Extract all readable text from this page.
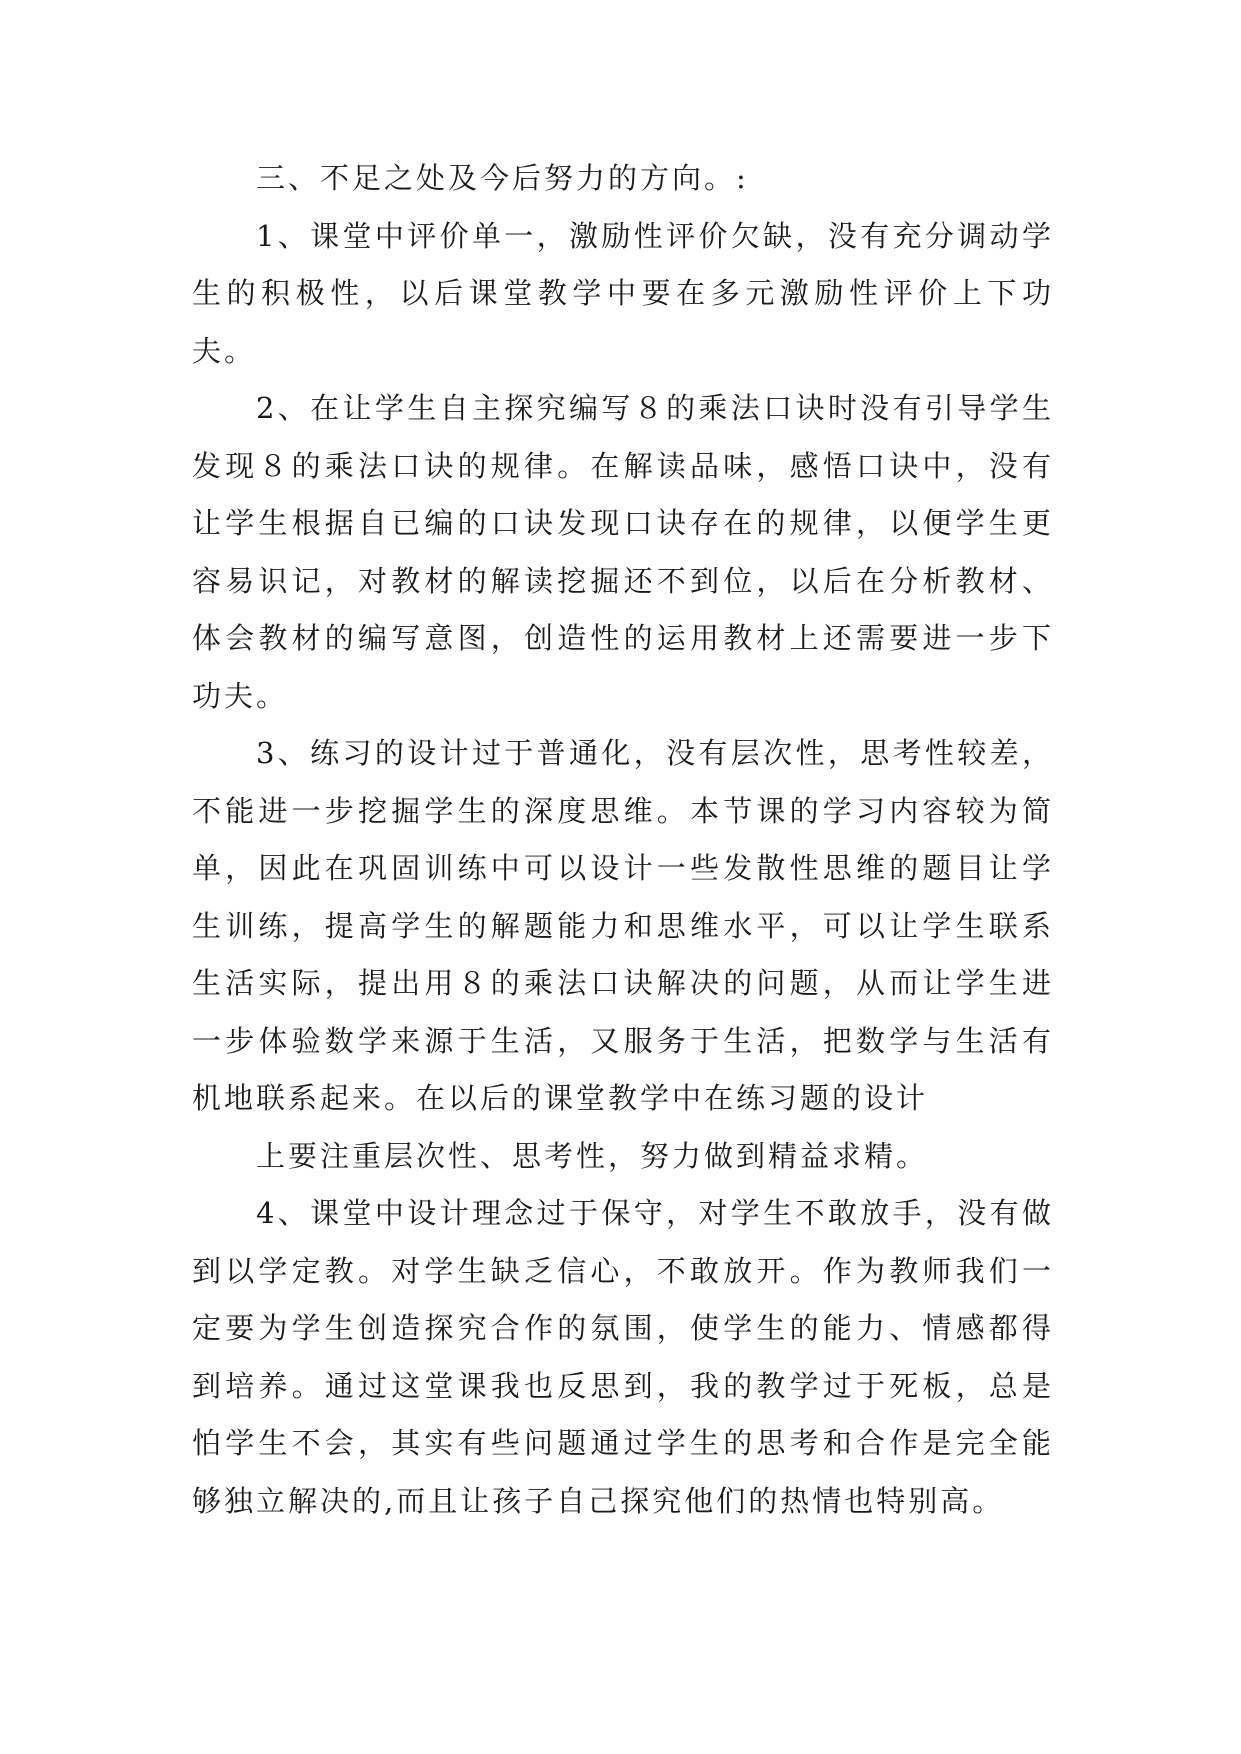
三、不足之处及今后努力的方向。:

1、课堂中评价单一，激励性评价欠缺，没有充分调动学生的积极性，以后课堂教学中要在多元激励性评价上下功夫。

2、在让学生自主探究编写８的乘法口诀时没有引导学生发现８的乘法口诀的规律。在解读品味，感悟口诀中，没有让学生根据自已编的口诀发现口诀存在的规律，以便学生更容易识记，对教材的解读挖掘还不到位，以后在分析教材、体会教材的编写意图，创造性的运用教材上还需要进一步下功夫。

3、练习的设计过于普通化，没有层次性，思考性较差，不能进一步挖掘学生的深度思维。本节课的学习内容较为简单，因此在巩固训练中可以设计一些发散性思维的题目让学生训练，提高学生的解题能力和思维水平，可以让学生联系生活实际，提出用８的乘法口诀解决的问题，从而让学生进一步体验数学来源于生活，又服务于生活，把数学与生活有机地联系起来。在以后的课堂教学中在练习题的设计

上要注重层次性、思考性，努力做到精益求精。

4、课堂中设计理念过于保守，对学生不敢放手，没有做到以学定教。对学生缺乏信心，不敢放开。作为教师我们一定要为学生创造探究合作的氛围，使学生的能力、情感都得到培养。通过这堂课我也反思到，我的教学过于死板，总是怕学生不会，其实有些问题通过学生的思考和合作是完全能够独立解决的,而且让孩子自己探究他们的热情也特别高。
